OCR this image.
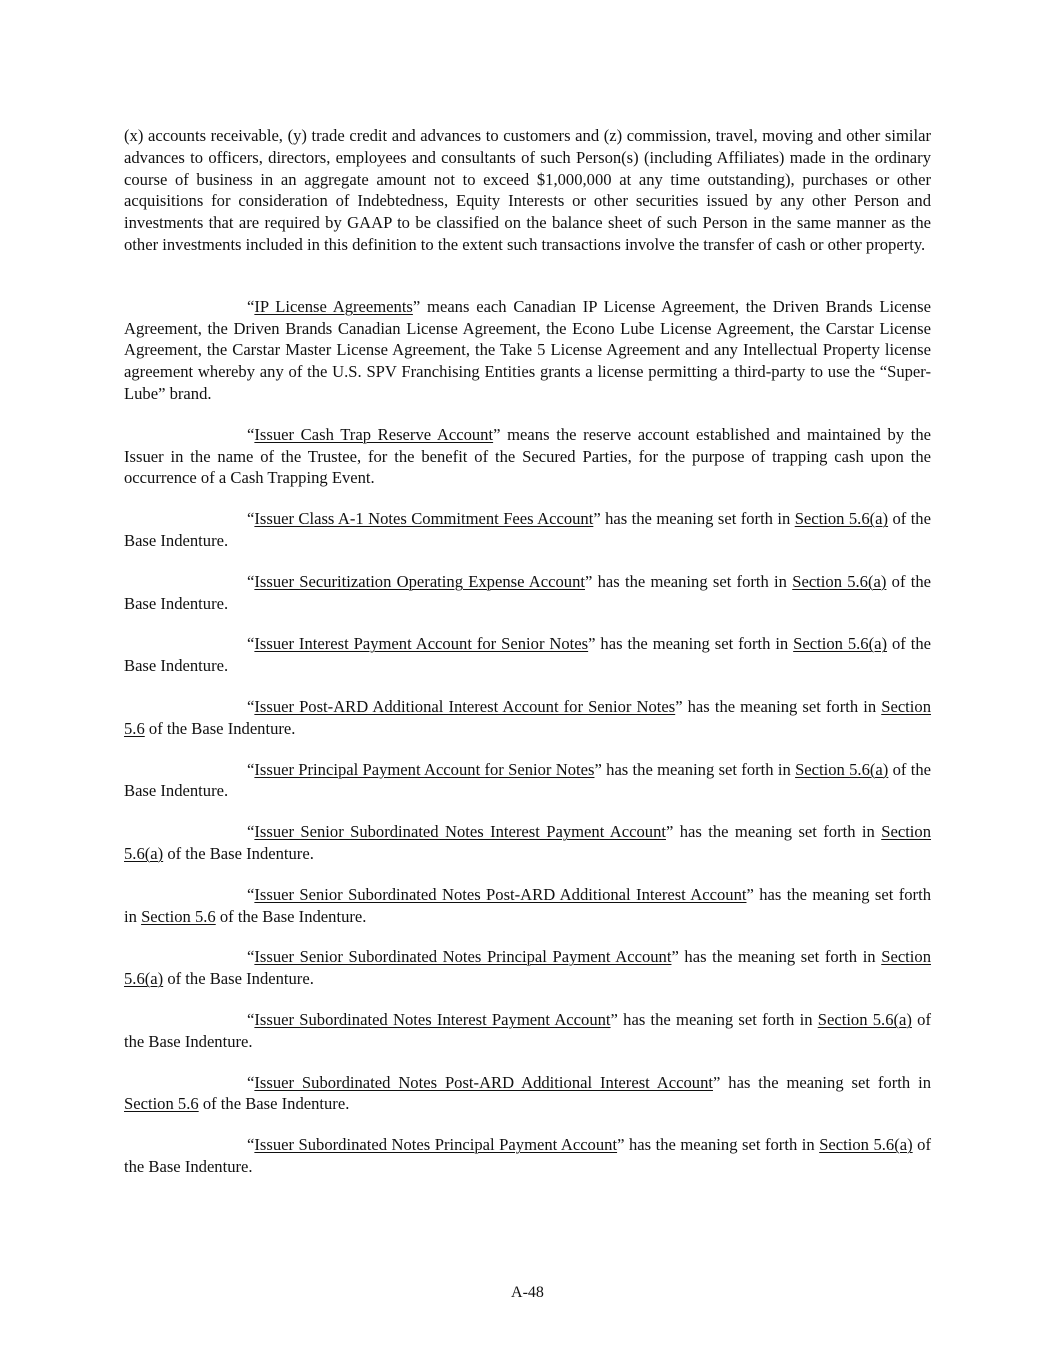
(x) accounts receivable, (y) trade credit and advances to customers and (z) commission, travel, moving and other similar advances to officers, directors, employees and consultants of such Person(s) (including Affiliates) made in the ordinary course of business in an aggregate amount not to exceed $1,000,000 at any time outstanding), purchases or other acquisitions for consideration of Indebtedness, Equity Interests or other securities issued by any other Person and investments that are required by GAAP to be classified on the balance sheet of such Person in the same manner as the other investments included in this definition to the extent such transactions involve the transfer of cash or other property.

“IP License Agreements” means each Canadian IP License Agreement, the Driven Brands License Agreement, the Driven Brands Canadian License Agreement, the Econo Lube License Agreement, the Carstar License Agreement, the Carstar Master License Agreement, the Take 5 License Agreement and any Intellectual Property license agreement whereby any of the U.S. SPV Franchising Entities grants a license permitting a third-party to use the “Super-Lube” brand.

“Issuer Cash Trap Reserve Account” means the reserve account established and maintained by the Issuer in the name of the Trustee, for the benefit of the Secured Parties, for the purpose of trapping cash upon the occurrence of a Cash Trapping Event.

“Issuer Class A-1 Notes Commitment Fees Account” has the meaning set forth in Section 5.6(a) of the Base Indenture.

“Issuer Securitization Operating Expense Account” has the meaning set forth in Section 5.6(a) of the Base Indenture.

“Issuer Interest Payment Account for Senior Notes” has the meaning set forth in Section 5.6(a) of the Base Indenture.

“Issuer Post-ARD Additional Interest Account for Senior Notes” has the meaning set forth in Section 5.6 of the Base Indenture.

“Issuer Principal Payment Account for Senior Notes” has the meaning set forth in Section 5.6(a) of the Base Indenture.

“Issuer Senior Subordinated Notes Interest Payment Account” has the meaning set forth in Section 5.6(a) of the Base Indenture.

“Issuer Senior Subordinated Notes Post-ARD Additional Interest Account” has the meaning set forth in Section 5.6 of the Base Indenture.

“Issuer Senior Subordinated Notes Principal Payment Account” has the meaning set forth in Section 5.6(a) of the Base Indenture.

“Issuer Subordinated Notes Interest Payment Account” has the meaning set forth in Section 5.6(a) of the Base Indenture.

“Issuer Subordinated Notes Post-ARD Additional Interest Account” has the meaning set forth in Section 5.6 of the Base Indenture.

“Issuer Subordinated Notes Principal Payment Account” has the meaning set forth in Section 5.6(a) of the Base Indenture.

A-48
